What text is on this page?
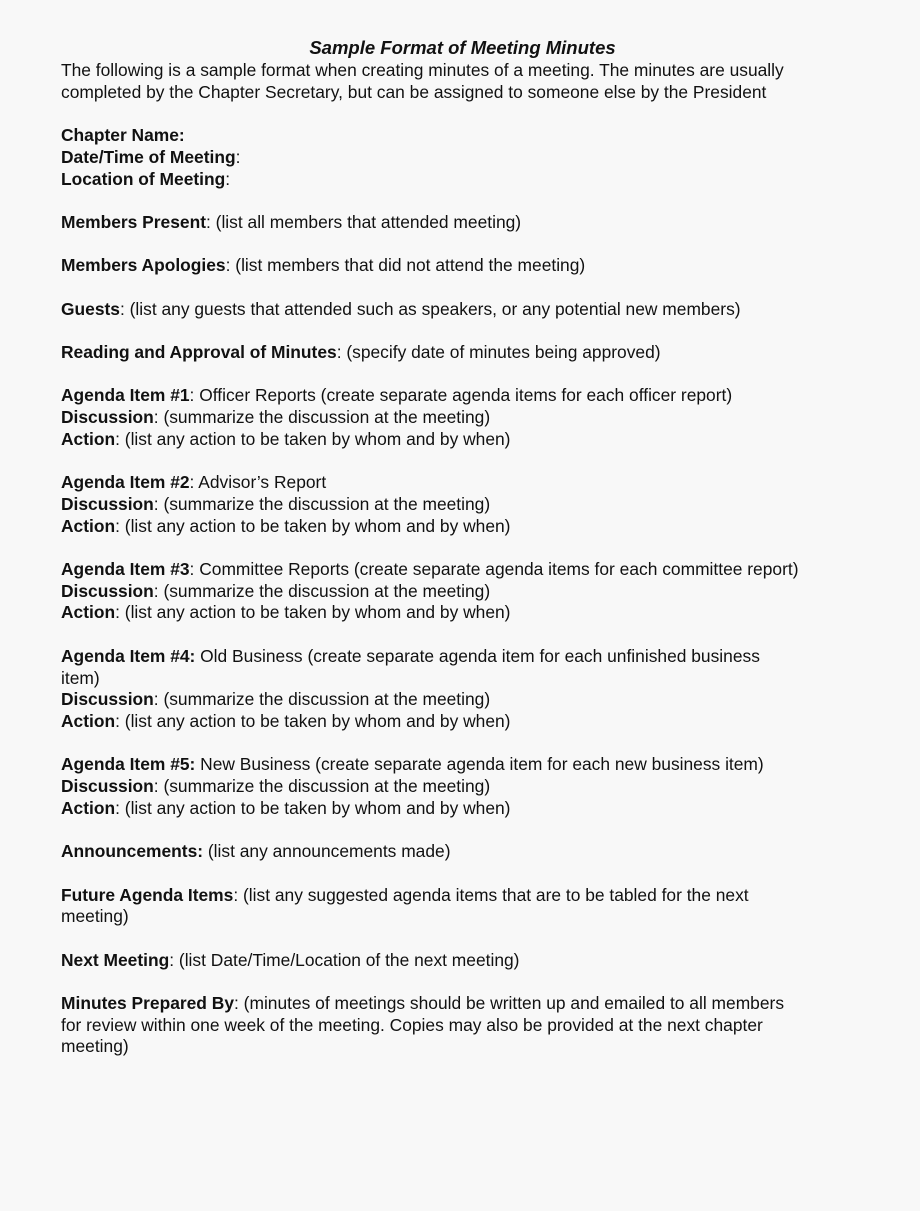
Sample Format of Meeting Minutes
The following is a sample format when creating minutes of a meeting. The minutes are usually
completed by the Chapter Secretary, but can be assigned to someone else by the President
Chapter Name:
Date/Time of Meeting:
Location of Meeting:
Members Present: (list all members that attended meeting)
Members Apologies: (list members that did not attend the meeting)
Guests: (list any guests that attended such as speakers, or any potential new members)
Reading and Approval of Minutes: (specify date of minutes being approved)
Agenda Item #1: Officer Reports (create separate agenda items for each officer report)
Discussion: (summarize the discussion at the meeting)
Action: (list any action to be taken by whom and by when)
Agenda Item #2: Advisor’s Report
Discussion: (summarize the discussion at the meeting)
Action: (list any action to be taken by whom and by when)
Agenda Item #3: Committee Reports (create separate agenda items for each committee report)
Discussion: (summarize the discussion at the meeting)
Action: (list any action to be taken by whom and by when)
Agenda Item #4: Old Business (create separate agenda item for each unfinished business
item)
Discussion: (summarize the discussion at the meeting)
Action: (list any action to be taken by whom and by when)
Agenda Item #5: New Business (create separate agenda item for each new business item)
Discussion: (summarize the discussion at the meeting)
Action: (list any action to be taken by whom and by when)
Announcements: (list any announcements made)
Future Agenda Items: (list any suggested agenda items that are to be tabled for the next
meeting)
Next Meeting: (list Date/Time/Location of the next meeting)
Minutes Prepared By: (minutes of meetings should be written up and emailed to all members
for review within one week of the meeting. Copies may also be provided at the next chapter
meeting)
